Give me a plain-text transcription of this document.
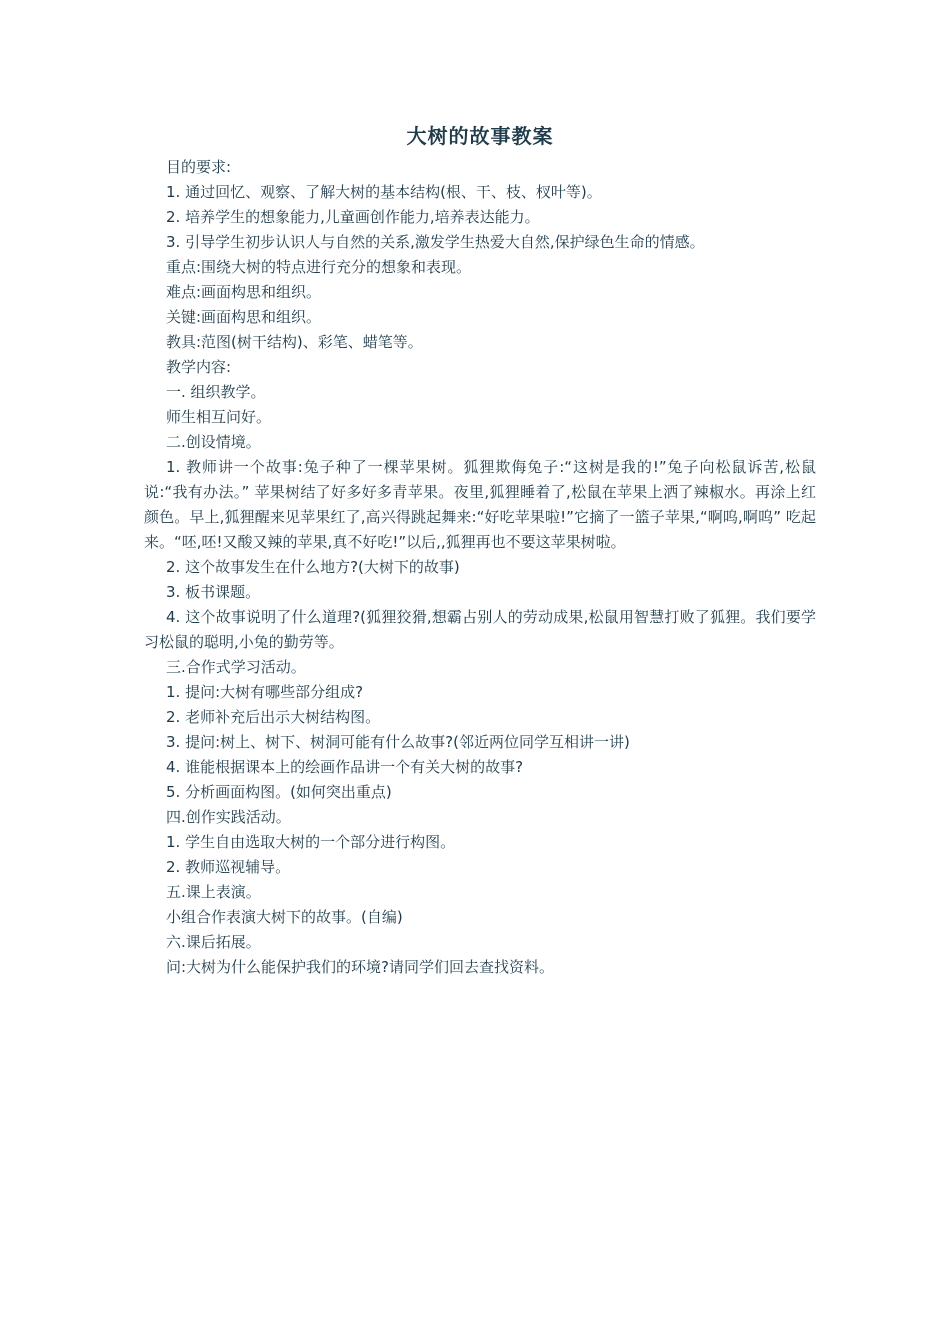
大树的故事教案

目的要求:

1. 通过回忆、观察、了解大树的基本结构(根、干、枝、杈叶等)。

2. 培养学生的想象能力,儿童画创作能力,培养表达能力。

3. 引导学生初步认识人与自然的关系,激发学生热爱大自然,保护绿色生命的情感。

重点:围绕大树的特点进行充分的想象和表现。

难点:画面构思和组织。

关键:画面构思和组织。

教具:范图(树干结构)、彩笔、蜡笔等。

教学内容:

一. 组织教学。

师生相互问好。

二.创设情境。

1. 教师讲一个故事:兔子种了一棵苹果树。狐狸欺侮兔子:“这树是我的!”兔子向松鼠诉苦,松鼠说:“我有办法。” 苹果树结了好多好多青苹果。夜里,狐狸睡着了,松鼠在苹果上洒了辣椒水。再涂上红颜色。早上,狐狸醒来见苹果红了,高兴得跳起舞来:“好吃苹果啦!”它摘了一篮子苹果,“啊呜,啊呜” 吃起来。“呸,呸!又酸又辣的苹果,真不好吃!”以后,,狐狸再也不要这苹果树啦。

2. 这个故事发生在什么地方?(大树下的故事)

3. 板书课题。

4. 这个故事说明了什么道理?(狐狸狡猾,想霸占别人的劳动成果,松鼠用智慧打败了狐狸。我们要学习松鼠的聪明,小兔的勤劳等。

三.合作式学习活动。

1. 提问:大树有哪些部分组成?

2. 老师补充后出示大树结构图。

3. 提问:树上、树下、树洞可能有什么故事?(邻近两位同学互相讲一讲)

4. 谁能根据课本上的绘画作品讲一个有关大树的故事?

5. 分析画面构图。(如何突出重点)

四.创作实践活动。

1. 学生自由选取大树的一个部分进行构图。

2. 教师巡视辅导。

五.课上表演。

小组合作表演大树下的故事。(自编)

六.课后拓展。

问:大树为什么能保护我们的环境?请同学们回去查找资料。
